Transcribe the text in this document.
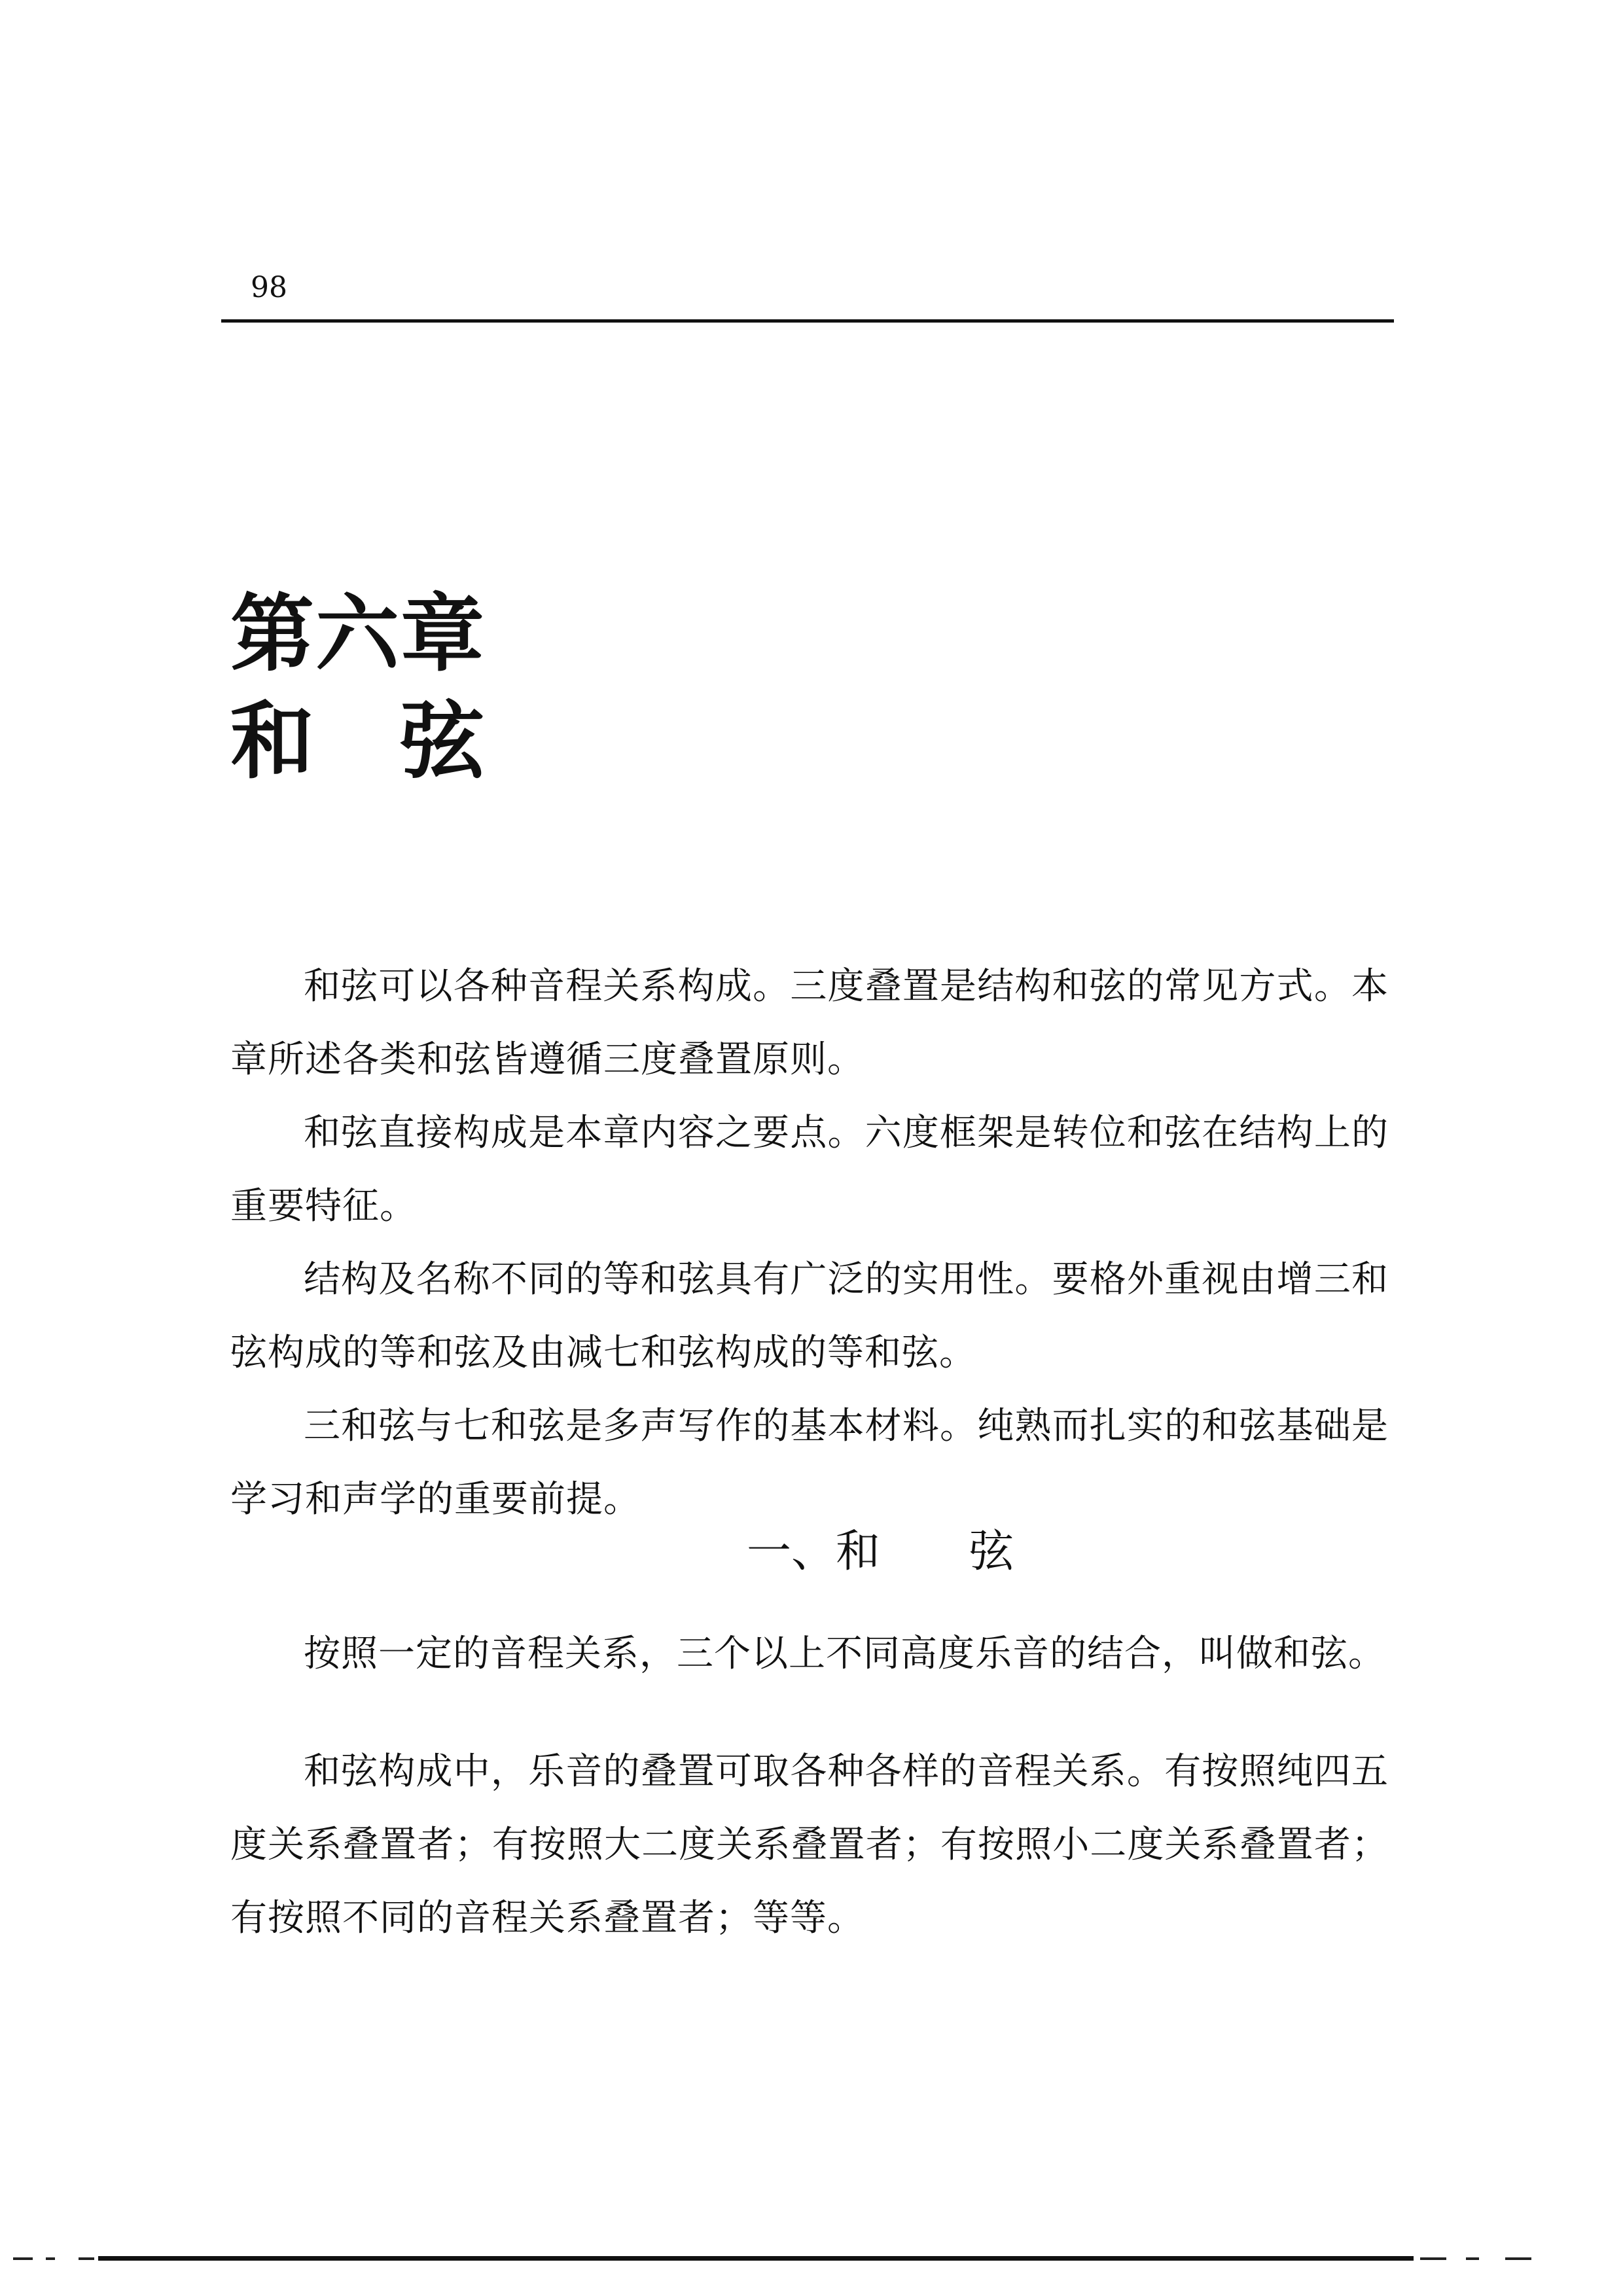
98
第六章
和　弦

和弦可以各种音程关系构成。三度叠置是结构和弦的常见方式。本章所述各类和弦皆遵循三度叠置原则。

和弦直接构成是本章内容之要点。六度框架是转位和弦在结构上的重要特征。

结构及名称不同的等和弦具有广泛的实用性。要格外重视由增三和弦构成的等和弦及由减七和弦构成的等和弦。

三和弦与七和弦是多声写作的基本材料。纯熟而扎实的和弦基础是学习和声学的重要前提。

一、和　　弦

按照一定的音程关系，三个以上不同高度乐音的结合，叫做和弦。

和弦构成中，乐音的叠置可取各种各样的音程关系。有按照纯四五度关系叠置者；有按照大二度关系叠置者；有按照小二度关系叠置者；有按照不同的音程关系叠置者；等等。
